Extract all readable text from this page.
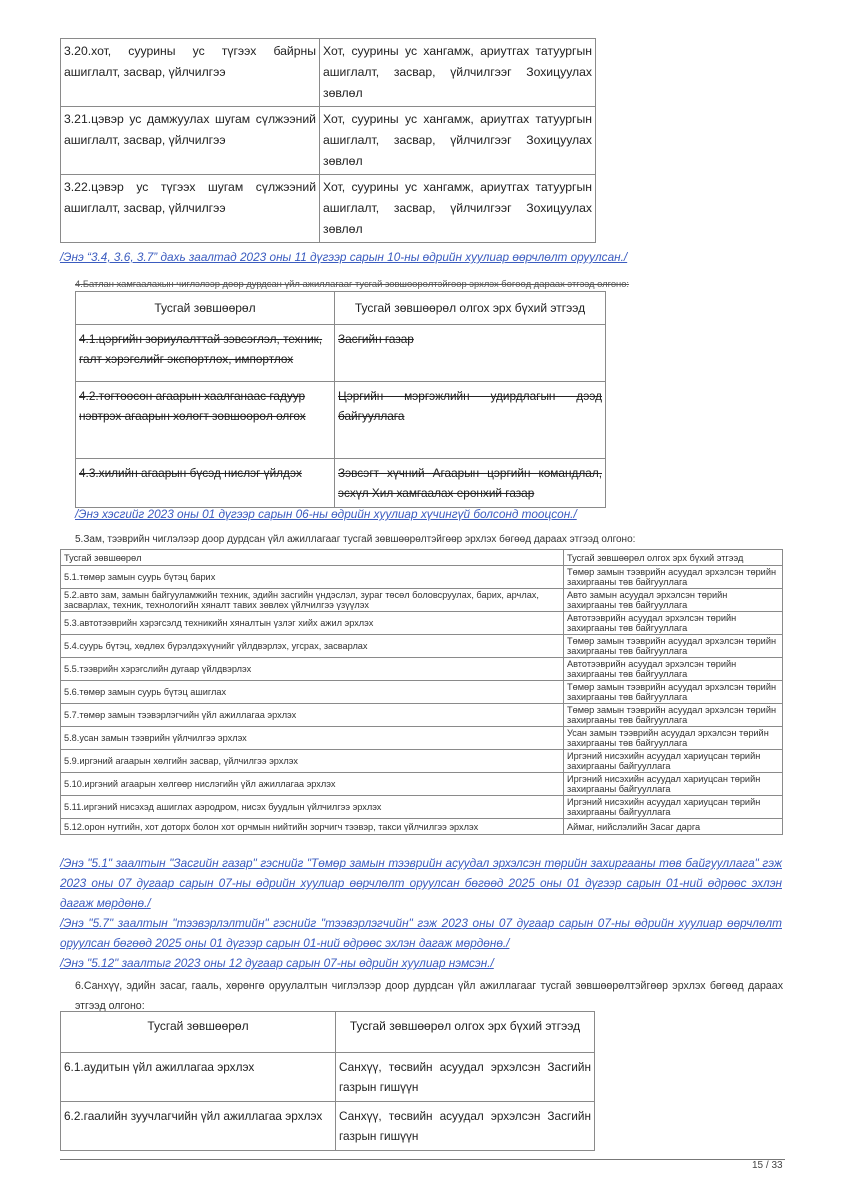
3.20.хот, суурины ус түгээх байрны ашиглалт, засвар, үйлчилгээ	Хот, суурины ус хангамж, ариутгах татуургын ашиглалт, засвар, үйлчилгээг Зохицуулах зөвлөл
3.21.цэвэр ус дамжуулах шугам сүлжээний ашиглалт, засвар, үйлчилгээ	Хот, суурины ус хангамж, ариутгах татуургын ашиглалт, засвар, үйлчилгээг Зохицуулах зөвлөл
3.22.цэвэр ус түгээх шугам сүлжээний ашиглалт, засвар, үйлчилгээ	Хот, суурины ус хангамж, ариутгах татуургын ашиглалт, засвар, үйлчилгээг Зохицуулах зөвлөл
/Энэ “3.4, 3.6, 3.7” дахь заалтад 2023 оны 11 дүгээр сарын 10-ны өдрийн хуулиар өөрчлөлт оруулсан./
4.Батлан хамгаалахын чиглэлээр доор дурдсан үйл ажиллагааг тусгай зөвшөөрөлтэйгөөр эрхлэх бөгөөд дараах этгээд олгоно:
Тусгай зөвшөөрөл	Тусгай зөвшөөрөл олгох эрх бүхий этгээд
4.1.цэргийн зориулалттай зэвсэглэл, техник, галт хэрэгслийг экспортлох, импортлох	Засгийн газар
4.2.тогтоосон агаарын хаалганаас гадуур нэвтрэх агаарын хөлөгт зөвшөөрөл олгох	Цэргийн мэргэжлийн удирдлагын дээд байгууллага
4.3.хилийн агаарын бүсэд нислэг үйлдэх	Зэвсэгт хүчний Агаарын цэргийн командлал, эсхүл Хил хамгаалах ерөнхий газар
/Энэ хэсгийг 2023 оны 01 дүгээр сарын 06-ны өдрийн хуулиар хүчингүй болсонд тооцсон./
5.Зам, тээврийн чиглэлээр доор дурдсан үйл ажиллагааг тусгай зөвшөөрөлтэйгөөр эрхлэх бөгөөд дараах этгээд олгоно:
Тусгай зөвшөөрөл	Тусгай зөвшөөрөл олгох эрх бүхий этгээд
5.1.төмөр замын суурь бүтэц барих	Төмөр замын тээврийн асуудал эрхэлсэн төрийн захиргааны төв байгууллага
5.2.авто зам, замын байгууламжийн техник, эдийн засгийн үндэслэл, зураг төсөл боловсруулах, барих, арчлах, засварлах, техник, технологийн хяналт тавих зөвлөх үйлчилгээ үзүүлэх	Авто замын асуудал эрхэлсэн төрийн захиргааны төв байгууллага
5.3.автотээврийн хэрэгсэлд техникийн хяналтын үзлэг хийх ажил эрхлэх	Автотээврийн асуудал эрхэлсэн төрийн захиргааны төв байгууллага
5.4.суурь бүтэц, хөдлөх бүрэлдэхүүнийг үйлдвэрлэх, угсрах, засварлах	Төмөр замын тээврийн асуудал эрхэлсэн төрийн захиргааны төв байгууллага
5.5.тээврийн хэрэгслийн дугаар үйлдвэрлэх	Автотээврийн асуудал эрхэлсэн төрийн захиргааны төв байгууллага
5.6.төмөр замын суурь бүтэц ашиглах	Төмөр замын тээврийн асуудал эрхэлсэн төрийн захиргааны төв байгууллага
5.7.төмөр замын тээвэрлэгчийн үйл ажиллагаа эрхлэх	Төмөр замын тээврийн асуудал эрхэлсэн төрийн захиргааны төв байгууллага
5.8.усан замын тээврийн үйлчилгээ эрхлэх	Усан замын тээврийн асуудал эрхэлсэн төрийн захиргааны төв байгууллага
5.9.иргэний агаарын хөлгийн засвар, үйлчилгээ эрхлэх	Иргэний нисэхийн асуудал хариуцсан төрийн захиргааны байгууллага
5.10.иргэний агаарын хөлгөөр нислэгийн үйл ажиллагаа эрхлэх	Иргэний нисэхийн асуудал хариуцсан төрийн захиргааны байгууллага
5.11.иргэний нисэхэд ашиглах аэродром, нисэх буудлын үйлчилгээ эрхлэх	Иргэний нисэхийн асуудал хариуцсан төрийн захиргааны байгууллага
5.12.орон нутгийн, хот доторх болон хот орчмын нийтийн зорчигч тээвэр, такси үйлчилгээ эрхлэх	Аймаг, нийслэлийн Засаг дарга
/Энэ "5.1" заалтын "Засгийн газар" гэснийг "Төмөр замын тээврийн асуудал эрхэлсэн төрийн захиргааны төв байгууллага" гэж 2023 оны 07 дугаар сарын 07-ны өдрийн хуулиар өөрчлөлт оруулсан бөгөөд 2025 оны 01 дүгээр сарын 01-ний өдрөөс эхлэн дагаж мөрдөнө./
/Энэ "5.7" заалтын "тээвэрлэлтийн" гэснийг "тээвэрлэгчийн" гэж 2023 оны 07 дугаар сарын 07-ны өдрийн хуулиар өөрчлөлт оруулсан бөгөөд 2025 оны 01 дүгээр сарын 01-ний өдрөөс эхлэн дагаж мөрдөнө./
/Энэ "5.12" заалтыг 2023 оны 12 дугаар сарын 07-ны өдрийн хуулиар нэмсэн./
6.Санхүү, эдийн засаг, гааль, хөрөнгө оруулалтын чиглэлээр доор дурдсан үйл ажиллагааг тусгай зөвшөөрөлтэйгөөр эрхлэх бөгөөд дараах этгээд олгоно:
Тусгай зөвшөөрөл	Тусгай зөвшөөрөл олгох эрх бүхий этгээд
6.1.аудитын үйл ажиллагаа эрхлэх	Санхүү, төсвийн асуудал эрхэлсэн Засгийн газрын гишүүн
6.2.гаалийн зуучлагчийн үйл ажиллагаа эрхлэх	Санхүү, төсвийн асуудал эрхэлсэн Засгийн газрын гишүүн
15 / 33
